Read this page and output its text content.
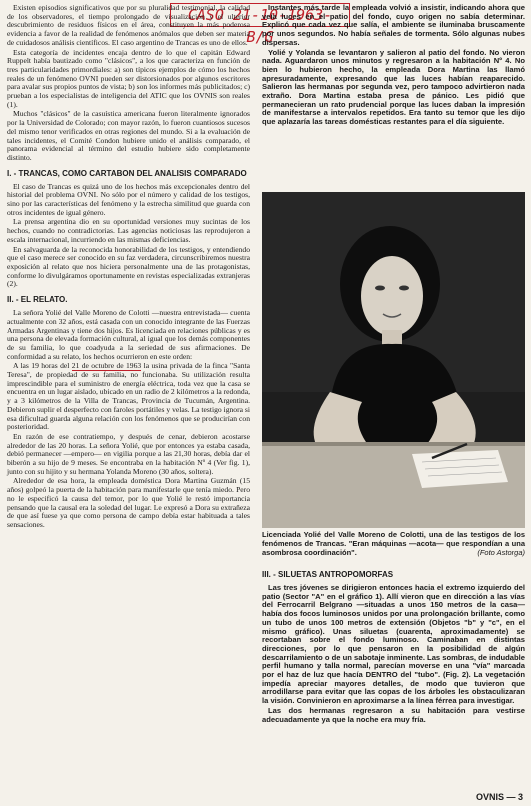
CASO 21-10-1963- B/G

Existen episodios significativos que por su pluralidad testimonial, la calidad de los observadores, el tiempo prolongado de visualización y el ulterior descubrimiento de residuos físicos en el área, constituyen la más poderosa evidencia a favor de la realidad de fenómenos anómalos que deben ser materia de cuidadosos análisis científicos. El caso argentino de Trancas es uno de ellos.

Esta categoría de incidentes encaja dentro de lo que el capitán Edward Ruppelt había bautizado como "clásicos", a los que caracteriza en función de tres particularidades primordiales: a) son típicos ejemplos de cómo los hechos reales de un fenómeno OVNI pueden ser distorsionados por algunos escritores para avalar sus propios puntos de vista; b) son los informes más publicitados; c) prueban a los especialistas de inteligencia del ATIC que los OVNIS son reales (1).

Muchos "clásicos" de la casuística americana fueron literalmente ignorados por la Universidad de Colorado; con mayor razón, lo fueron cuantiosos sucesos del mismo tenor verificados en otras regiones del mundo. Si a la evaluación de tales incidentes, el Comité Condon hubiere unido el análisis comparado, el panorama evidencial al término del estudio hubiere sido completamente distinto.

I. - TRANCAS, COMO CARTABON DEL ANALISIS COMPARADO

El caso de Trancas es quizá uno de los hechos más excepcionales dentro del historial del problema OVNI. No sólo por el número y calidad de los testigos, sino por las características del fenómeno y la estrecha similitud que guarda con otros incidentes de igual género.

La prensa argentina dio en su oportunidad versiones muy sucintas de los hechos, cuando no contradictorias. Las agencias noticiosas las reprodujeron a escala internacional, incurriendo en las mismas deficiencias.

En salvaguarda de la reconocida honorabilidad de los testigos, y entendiendo que el caso merece ser conocido en su faz verdadera, circunscribiremos nuestra exposición al relato que nos hiciera personalmente una de las protagonistas, conforme lo divulgáramos oportunamente en revistas especializadas extranjeras (2).

II. - EL RELATO.

La señora Yolié del Valle Moreno de Colotti —nuestra entrevistada— cuenta actualmente con 32 años, está casada con un conocido integrante de las Fuerzas Armadas Argentinas y tiene dos hijos. Es licenciada en relaciones públicas y es una persona de elevada formación cultural, al igual que los demás componentes de su familia, lo que coadyuda a la seriedad de sus afirmaciones. De conformidad a su relato, los hechos ocurrieron en este orden:

A las 19 horas del 21 de octubre de 1963 la usina privada de la finca "Santa Teresa", de propiedad de su familia, no funcionaba. Su utilización resulta imprescindible para el suministro de energía eléctrica, toda vez que la casa se encuentra en un lugar aislado, ubicado en un radio de 2 kilómetros a la redonda, y a 3 kilómetros de la Villa de Trancas, Provincia de Tucumán, Argentina. Debieron suplir el desperfecto con faroles portátiles y velas. La testigo ignora si esa dificultad guarda alguna relación con los fenómenos que se producirían con posterioridad.

En razón de ese contratiempo, y después de cenar, debieron acostarse alrededor de las 20 horas. La señora Yolié, que por entonces ya estaba casada, debió permanecer —empero— en vigilia porque a las 21,30 horas, debía dar el biberón a su hijo de 9 meses. Se encontraba en la habitación Nº 4 (Ver fig. 1), junto con su hijito y su hermana Yolanda Moreno (30 años, soltera).

Alrededor de esa hora, la empleada doméstica Dora Martina Guzmán (15 años) golpeó la puerta de la habitación para manifestarle que tenía miedo. Pero no le especificó la causa del temor, por lo que Yolié le restó importancia pensando que la causal era la soledad del lugar. Le expresó a Dora su extrañeza de que así fuese ya que como persona de campo debía estar habituada a tales sensaciones.

Instantes más tarde la empleada volvió a insistir, indicando ahora que veía luces en el patio del fondo, cuyo origen no sabía determinar. Explicó que cada vez que salía, el ambiente se iluminaba bruscamente por unos segundos. No había señales de tormenta. Sólo algunas nubes dispersas.

Yolié y Yolanda se levantaron y salieron al patio del fondo. No vieron nada. Aguardaron unos minutos y regresaron a la habitación Nº 4. No bien lo hubieron hecho, la empleada Dora Martina las llamó apresuradamente, expresando que las luces habían reaparecido. Salieron las hermanas por segunda vez, pero tampoco advirtieron nada extraño. Dora Martina estaba presa de pánico. Les pidió que permanecieran un rato prudencial porque las luces daban la impresión de manifestarse a intervalos repetidos. Era tanto su temor que les dijo que aplazaría las tareas domésticas restantes para el día siguiente.

Licenciada Yolié del Valle Moreno de Colotti, una de las testigos de los fenómenos de Trancas. "Eran máquinas —acota— que respondían a una asombrosa coordinación".	(Foto Astorga)
III. - SILUETAS ANTROPOMORFAS

Las tres jóvenes se dirigieron entonces hacia el extremo izquierdo del patio (Sector "A" en el gráfico 1). Allí vieron que en dirección a las vías del Ferrocarril Belgrano —situadas a unos 150 metros de la casa— había dos focos luminosos unidos por una prolongación brillante, como un tubo de unos 100 metros de extensión (Objetos "b" y "c", en el mismo gráfico). Unas siluetas (cuarenta, aproximadamente) se recortaban sobre el fondo luminoso. Caminaban en distintas direcciones, por lo que pensaron en la posibilidad de algún descarrilamiento o de un sabotaje inminente. Las sombras, de indudable perfil humano y talla normal, parecían moverse en una "vía" marcada por el haz de luz que hacía DENTRO del "tubo". (Fig. 2). La vegetación impedía apreciar mayores detalles, de modo que tuvieron que arrodillarse para evitar que las copas de los árboles les obstaculizaran la visión. Convinieron en aproximarse a la línea férrea para investigar.

Las dos hermanas regresaron a su habitación para vestirse adecuadamente ya que la noche era muy fría.

OVNIS — 3
